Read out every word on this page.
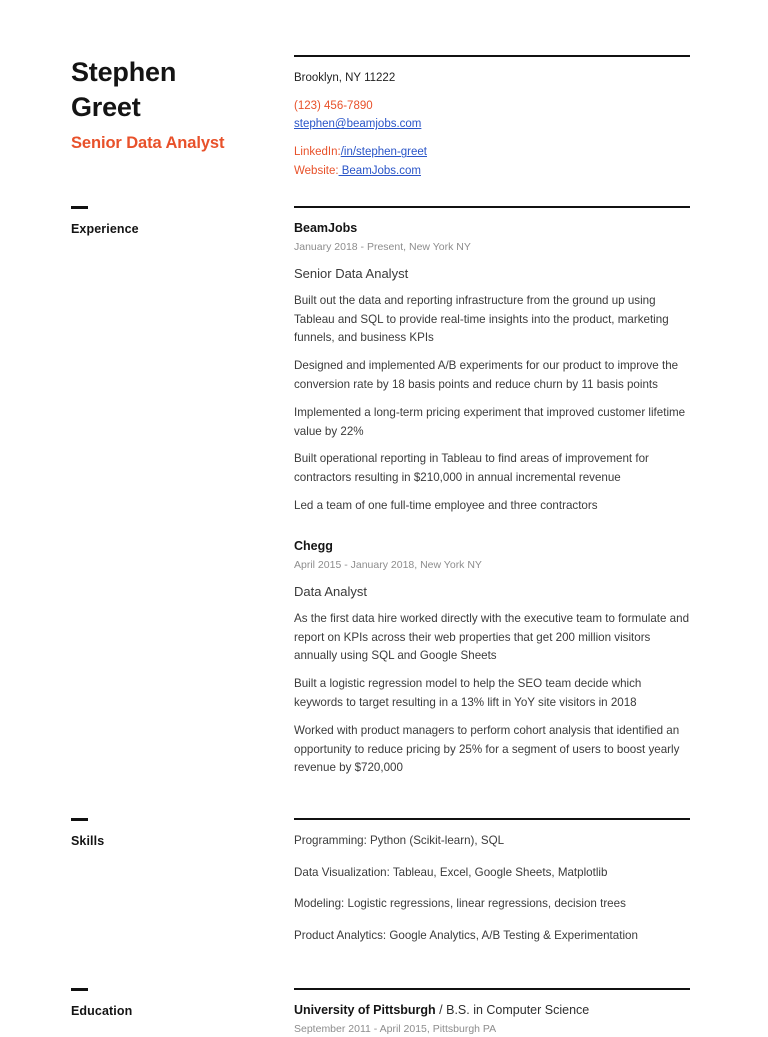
Stephen
Greet
Senior Data Analyst
Brooklyn, NY 11222
(123) 456-7890
stephen@beamjobs.com
LinkedIn:/in/stephen-greet
Website: BeamJobs.com
Experience	BeamJobs
January 2018 - Present, New York NY
Senior Data Analyst
Built out the data and reporting infrastructure from the ground up using Tableau and SQL to provide real-time insights into the product, marketing funnels, and business KPIs
Designed and implemented A/B experiments for our product to improve the conversion rate by 18 basis points and reduce churn by 11 basis points
Implemented a long-term pricing experiment that improved customer lifetime value by 22%
Built operational reporting in Tableau to find areas of improvement for contractors resulting in $210,000 in annual incremental revenue
Led a team of one full-time employee and three contractors
Chegg
April 2015 - January 2018, New York NY
Data Analyst
As the first data hire worked directly with the executive team to formulate and report on KPIs across their web properties that get 200 million visitors annually using SQL and Google Sheets
Built a logistic regression model to help the SEO team decide which keywords to target resulting in a 13% lift in YoY site visitors in 2018
Worked with product managers to perform cohort analysis that identified an opportunity to reduce pricing by 25% for a segment of users to boost yearly revenue by $720,000
Skills	Programming: Python (Scikit-learn), SQL
Data Visualization: Tableau, Excel, Google Sheets, Matplotlib
Modeling: Logistic regressions, linear regressions, decision trees
Product Analytics: Google Analytics, A/B Testing & Experimentation
Education	University of Pittsburgh / B.S. in Computer Science
September 2011 - April 2015, Pittsburgh PA
